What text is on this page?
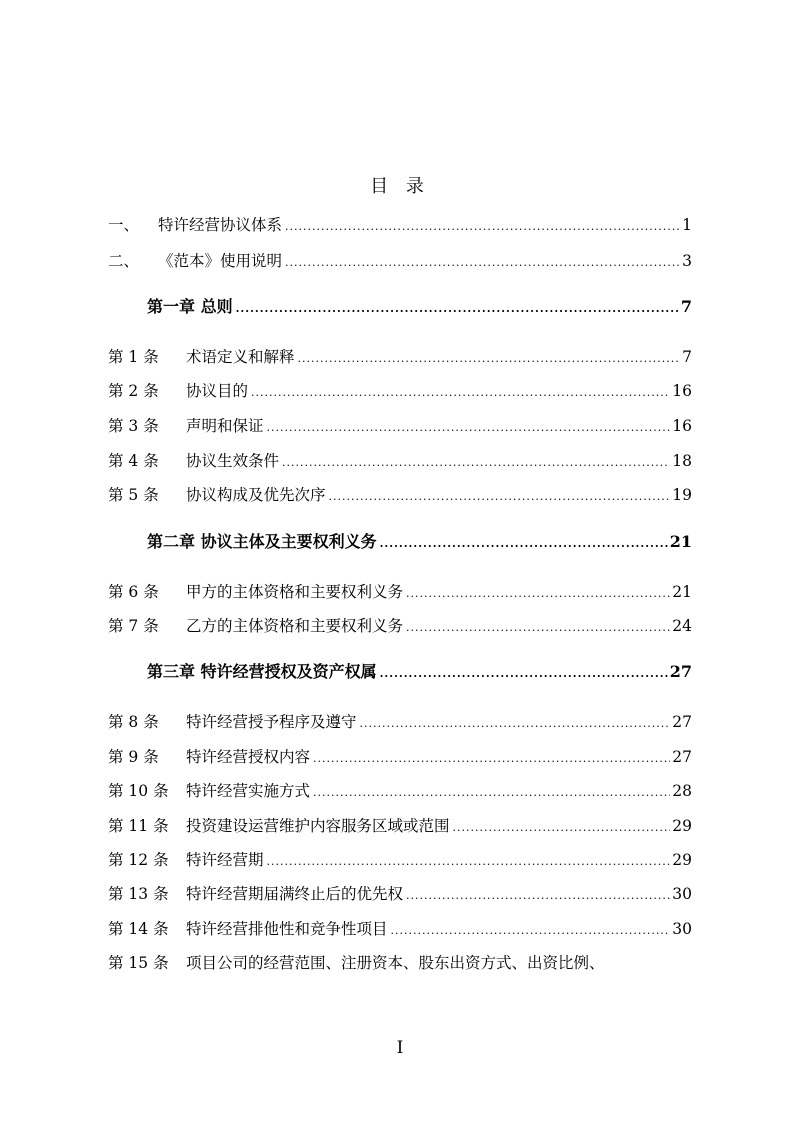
目 录
一、	特许经营协议体系 .....	1
二、	《范本》使用说明 .....	3
第一章 总则 .....	7
第 1 条	术语定义和解释 .....	7
第 2 条	协议目的 .....	16
第 3 条	声明和保证 .....	16
第 4 条	协议生效条件 .....	18
第 5 条	协议构成及优先次序 .....	19
第二章 协议主体及主要权利义务 .....	21
第 6 条	甲方的主体资格和主要权利义务 .....	21
第 7 条	乙方的主体资格和主要权利义务 .....	24
第三章 特许经营授权及资产权属 .....	27
第 8 条	特许经营授予程序及遵守 .....	27
第 9 条	特许经营授权内容 .....	27
第 10 条	特许经营实施方式 .....	28
第 11 条	投资建设运营维护内容服务区域或范围 .....	29
第 12 条	特许经营期 .....	29
第 13 条	特许经营期届满终止后的优先权 .....	30
第 14 条	特许经营排他性和竞争性项目 .....	30
第 15 条	项目公司的经营范围、注册资本、股东出资方式、出资比例、
I
